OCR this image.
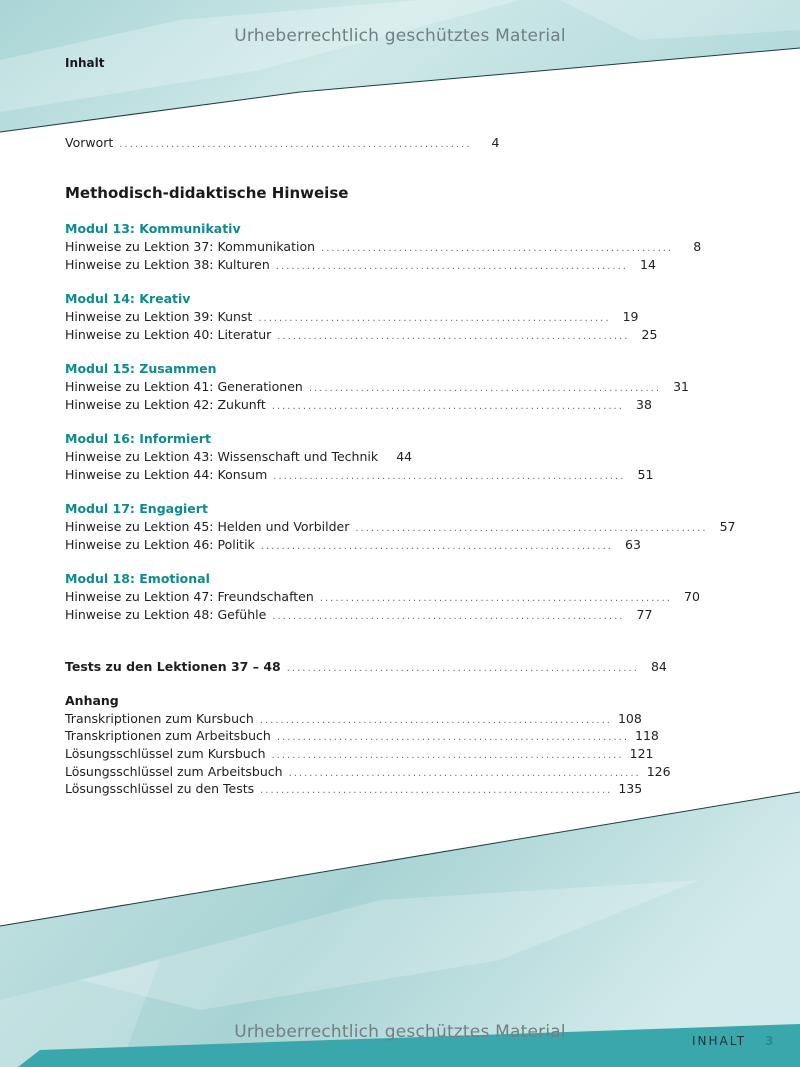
Urheberrechtlich geschütztes Material
Inhalt
Vorwort ....................................................................	4
Methodisch-didaktische Hinweise
Modul 13: Kommunikativ
Hinweise zu Lektion 37: Kommunikation ....................................................................	8
Hinweise zu Lektion 38: Kulturen .................................................................... 14
Modul 14: Kreativ
Hinweise zu Lektion 39: Kunst .................................................................... 19
Hinweise zu Lektion 40: Literatur .................................................................... 25
Modul 15: Zusammen
Hinweise zu Lektion 41: Generationen .................................................................... 31
Hinweise zu Lektion 42: Zukunft .................................................................... 38
Modul 16: Informiert
Hinweise zu Lektion 43: Wissenschaft und Technik	44
Hinweise zu Lektion 44: Konsum .................................................................... 51
Modul 17: Engagiert
Hinweise zu Lektion 45: Helden und Vorbilder .................................................................... 57
Hinweise zu Lektion 46: Politik .................................................................... 63
Modul 18: Emotional
Hinweise zu Lektion 47: Freundschaften .................................................................... 70
Hinweise zu Lektion 48: Gefühle .................................................................... 77
Tests zu den Lektionen 37 – 48 .................................................................... 84
Anhang
Transkriptionen zum Kursbuch .................................................................... 108
Transkriptionen zum Arbeitsbuch .................................................................... 118
Lösungsschlüssel zum Kursbuch .................................................................... 121
Lösungsschlüssel zum Arbeitsbuch .................................................................... 126
Lösungsschlüssel zu den Tests .................................................................... 135
Urheberrechtlich geschütztes Material	INHALT 3
